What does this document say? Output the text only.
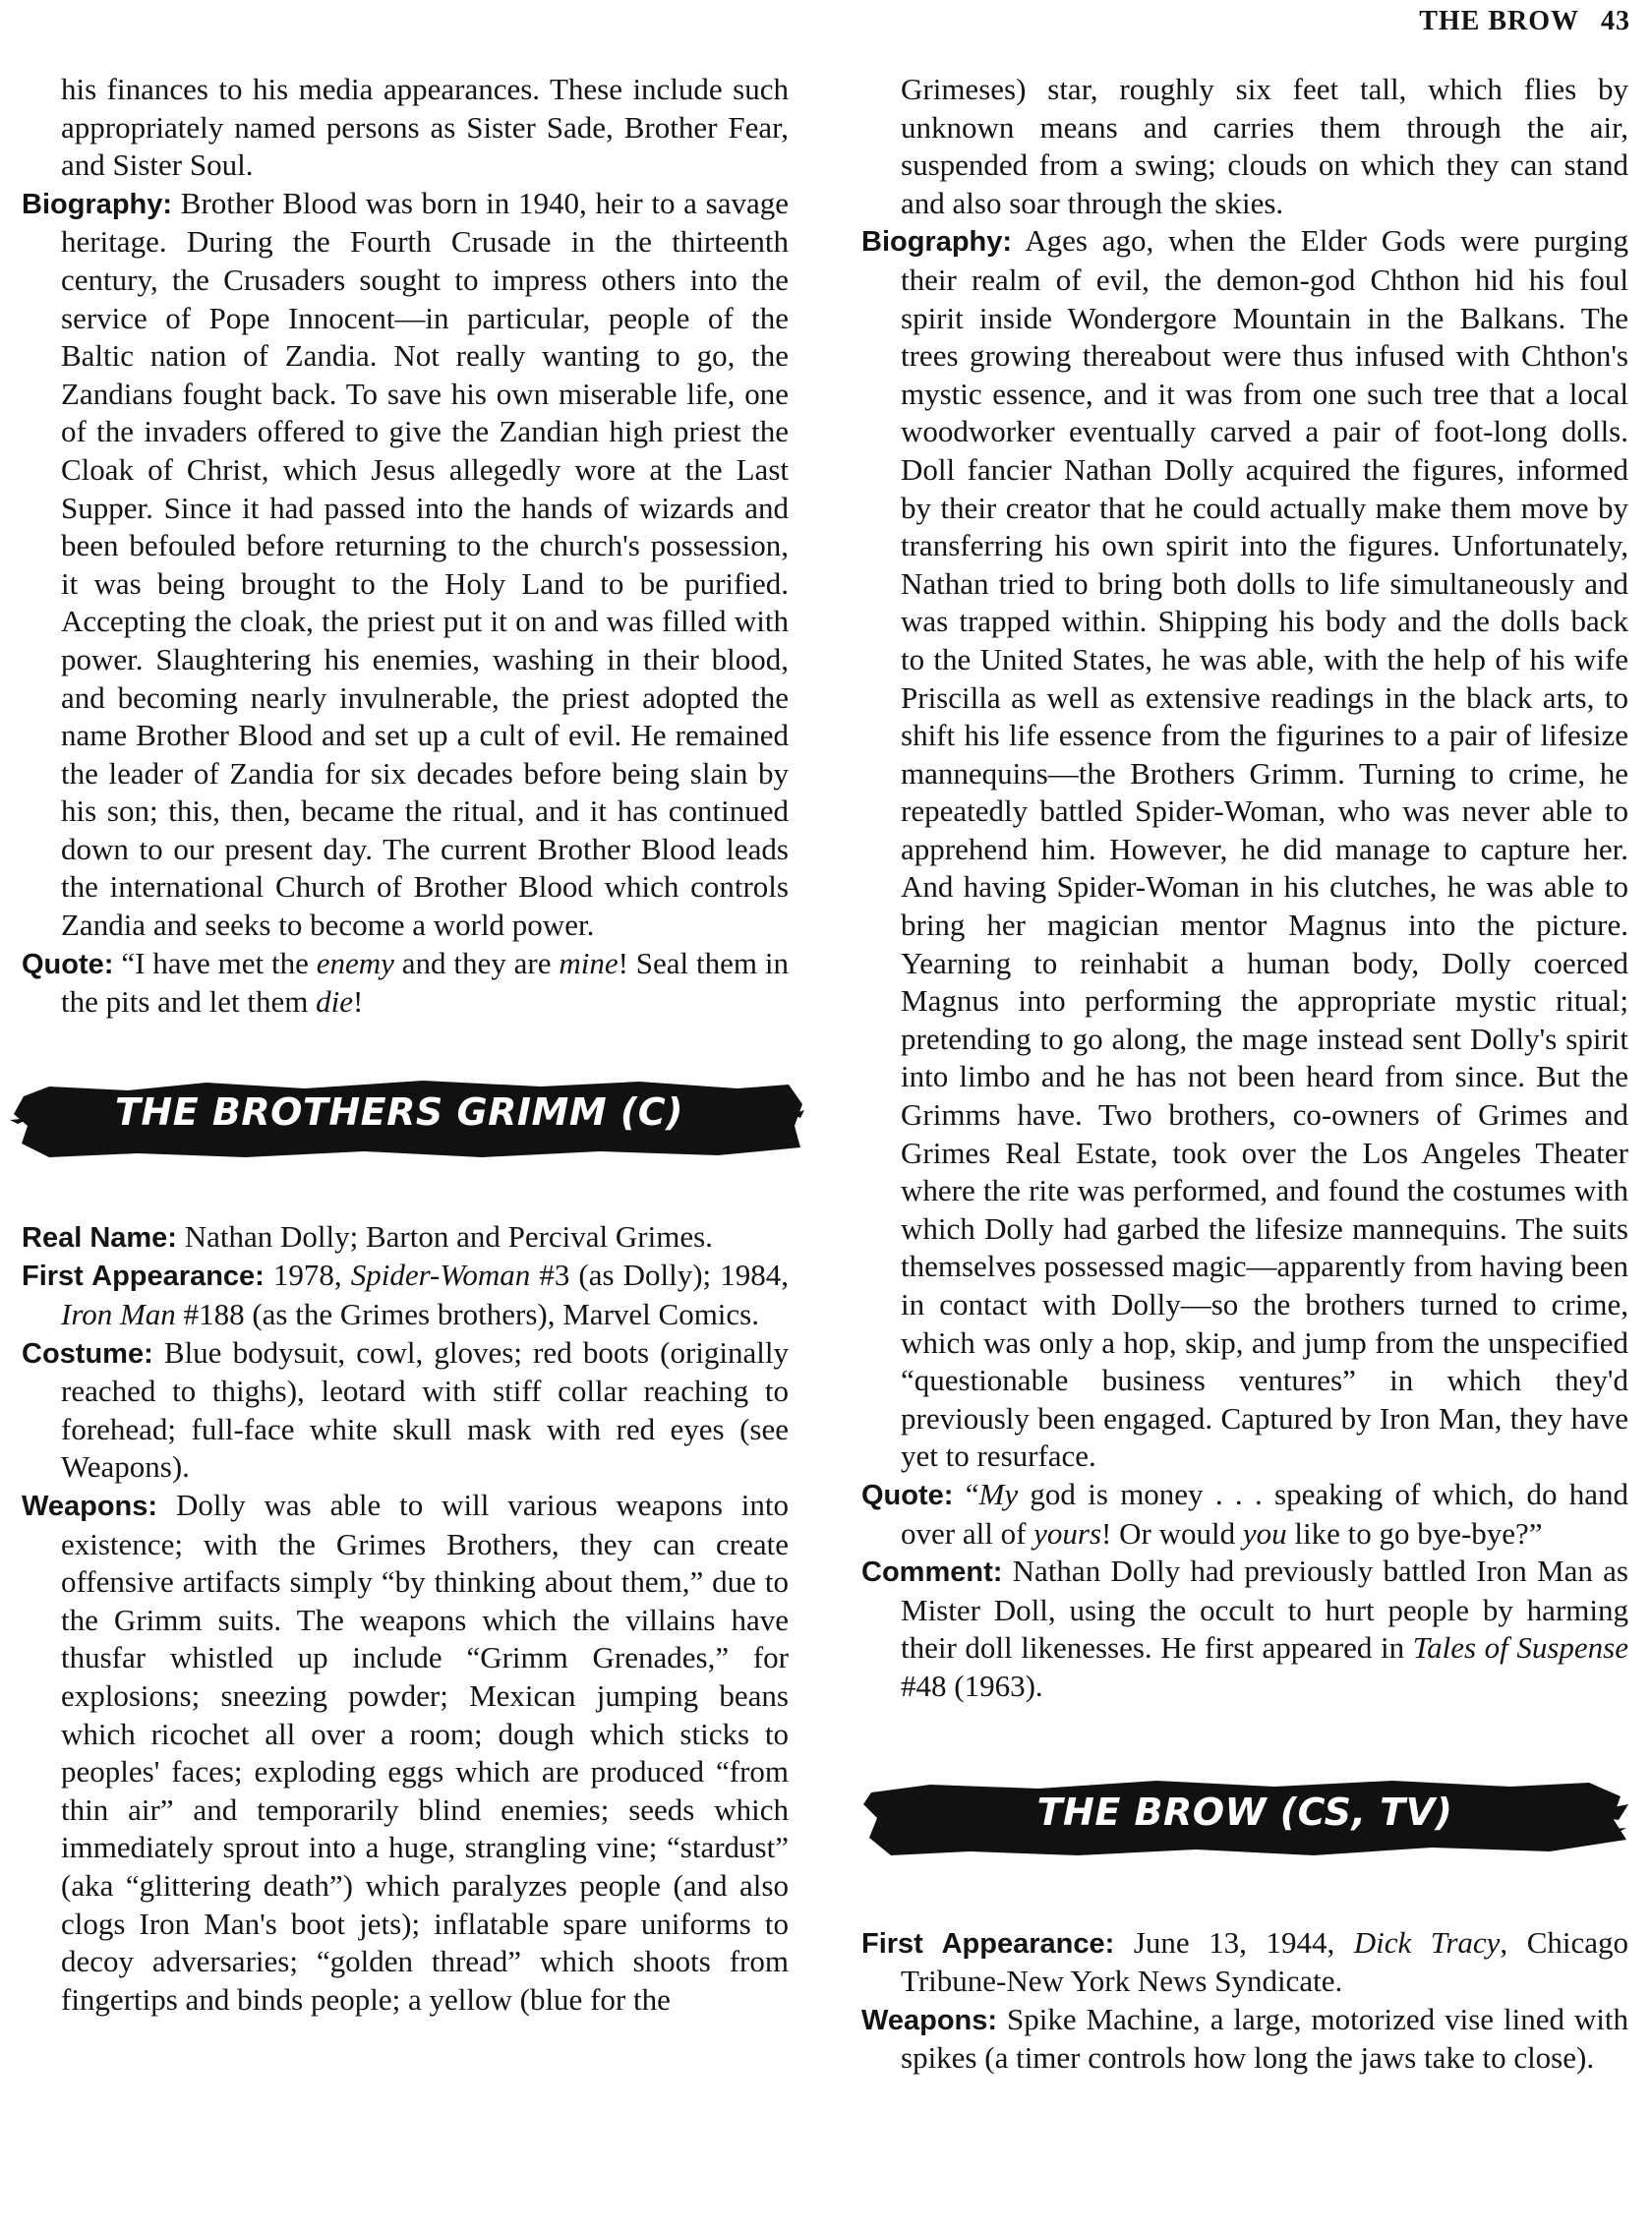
THE BROW 43

his finances to his media appearances. These include such appropriately named persons as Sister Sade, Brother Fear, and Sister Soul.

Biography: Brother Blood was born in 1940, heir to a savage heritage. During the Fourth Crusade in the thirteenth century, the Crusaders sought to impress others into the service of Pope Innocent—in particular, people of the Baltic nation of Zandia. Not really wanting to go, the Zandians fought back. To save his own miserable life, one of the invaders offered to give the Zandian high priest the Cloak of Christ, which Jesus allegedly wore at the Last Supper. Since it had passed into the hands of wizards and been befouled before returning to the church's possession, it was being brought to the Holy Land to be purified. Accepting the cloak, the priest put it on and was filled with power. Slaughtering his enemies, washing in their blood, and becoming nearly invulnerable, the priest adopted the name Brother Blood and set up a cult of evil. He remained the leader of Zandia for six decades before being slain by his son; this, then, became the ritual, and it has continued down to our present day. The current Brother Blood leads the international Church of Brother Blood which controls Zandia and seeks to become a world power.

Quote: “I have met the enemy and they are mine! Seal them in the pits and let them die!

THE BROTHERS GRIMM (C)

Real Name: Nathan Dolly; Barton and Percival Grimes.

First Appearance: 1978, Spider-Woman #3 (as Dolly); 1984, Iron Man #188 (as the Grimes brothers), Marvel Comics.

Costume: Blue bodysuit, cowl, gloves; red boots (originally reached to thighs), leotard with stiff collar reaching to forehead; full-face white skull mask with red eyes (see Weapons).

Weapons: Dolly was able to will various weapons into existence; with the Grimes Brothers, they can create offensive artifacts simply “by thinking about them,” due to the Grimm suits. The weapons which the villains have thusfar whistled up include “Grimm Grenades,” for explosions; sneezing powder; Mexican jumping beans which ricochet all over a room; dough which sticks to peoples' faces; exploding eggs which are produced “from thin air” and temporarily blind enemies; seeds which immediately sprout into a huge, strangling vine; “stardust” (aka “glittering death”) which paralyzes people (and also clogs Iron Man's boot jets); inflatable spare uniforms to decoy adversaries; “golden thread” which shoots from fingertips and binds people; a yellow (blue for the

Grimeses) star, roughly six feet tall, which flies by unknown means and carries them through the air, suspended from a swing; clouds on which they can stand and also soar through the skies.

Biography: Ages ago, when the Elder Gods were purging their realm of evil, the demon-god Chthon hid his foul spirit inside Wondergore Mountain in the Balkans. The trees growing thereabout were thus infused with Chthon's mystic essence, and it was from one such tree that a local woodworker eventually carved a pair of foot-long dolls. Doll fancier Nathan Dolly acquired the figures, informed by their creator that he could actually make them move by transferring his own spirit into the figures. Unfortunately, Nathan tried to bring both dolls to life simultaneously and was trapped within. Shipping his body and the dolls back to the United States, he was able, with the help of his wife Priscilla as well as extensive readings in the black arts, to shift his life essence from the figurines to a pair of lifesize mannequins—the Brothers Grimm. Turning to crime, he repeatedly battled Spider-Woman, who was never able to apprehend him. However, he did manage to capture her. And having Spider-Woman in his clutches, he was able to bring her magician mentor Magnus into the picture. Yearning to reinhabit a human body, Dolly coerced Magnus into performing the appropriate mystic ritual; pretending to go along, the mage instead sent Dolly's spirit into limbo and he has not been heard from since. But the Grimms have. Two brothers, co-owners of Grimes and Grimes Real Estate, took over the Los Angeles Theater where the rite was performed, and found the costumes with which Dolly had garbed the lifesize mannequins. The suits themselves possessed magic—apparently from having been in contact with Dolly—so the brothers turned to crime, which was only a hop, skip, and jump from the unspecified “questionable business ventures” in which they'd previously been engaged. Captured by Iron Man, they have yet to resurface.

Quote: “My god is money . . . speaking of which, do hand over all of yours! Or would you like to go bye-bye?”

Comment: Nathan Dolly had previously battled Iron Man as Mister Doll, using the occult to hurt people by harming their doll likenesses. He first appeared in Tales of Suspense #48 (1963).

THE BROW (CS, TV)

First Appearance: June 13, 1944, Dick Tracy, Chicago Tribune-New York News Syndicate.

Weapons: Spike Machine, a large, motorized vise lined with spikes (a timer controls how long the jaws take to close).
